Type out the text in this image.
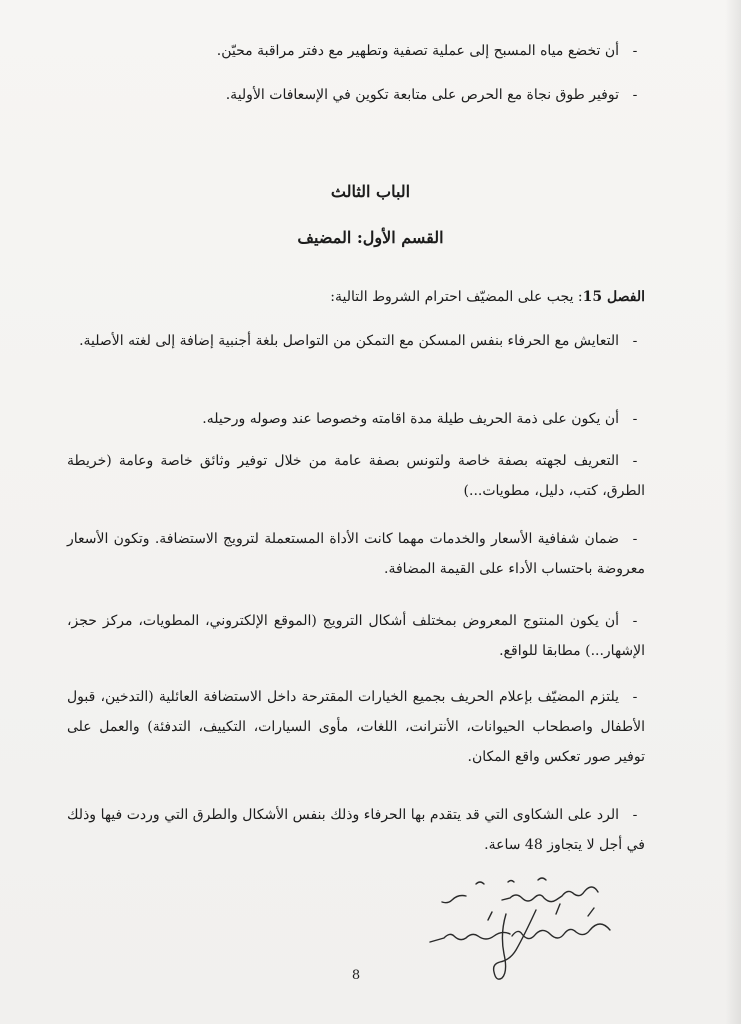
-أن تخضع مياه المسبح إلى عملية تصفية وتطهير مع دفتر مراقبة محيّن.
-توفير طوق نجاة مع الحرص على متابعة تكوين في الإسعافات الأولية.
الباب الثالث
القسم الأول: المضيف
الفصل 15: يجب على المضيّف احترام الشروط التالية:
-التعايش مع الحرفاء بنفس المسكن مع التمكن من التواصل بلغة أجنبية إضافة إلى لغته الأصلية.
-أن يكون على ذمة الحريف طيلة مدة اقامته وخصوصا عند وصوله ورحيله.
-التعريف لجهته بصفة خاصة ولتونس بصفة عامة من خلال توفير وثائق خاصة وعامة (خريطة الطرق، كتب، دليل، مطويات...)
-ضمان شفافية الأسعار والخدمات مهما كانت الأداة المستعملة لترويج الاستضافة. وتكون الأسعار معروضة باحتساب الأداء على القيمة المضافة.
-أن يكون المنتوج المعروض بمختلف أشكال الترويج (الموقع الإلكتروني، المطويات، مركز حجز، الإشهار...) مطابقا للواقع.
-يلتزم المضيّف بإعلام الحريف بجميع الخيارات المقترحة داخل الاستضافة العائلية (التدخين، قبول الأطفال واصطحاب الحيوانات، الأنترانت، اللغات، مأوى السيارات، التكييف، التدفئة) والعمل على توفير صور تعكس واقع المكان.
-الرد على الشكاوى التي قد يتقدم بها الحرفاء وذلك بنفس الأشكال والطرق التي وردت فيها وذلك في أجل لا يتجاوز 48 ساعة.
8
